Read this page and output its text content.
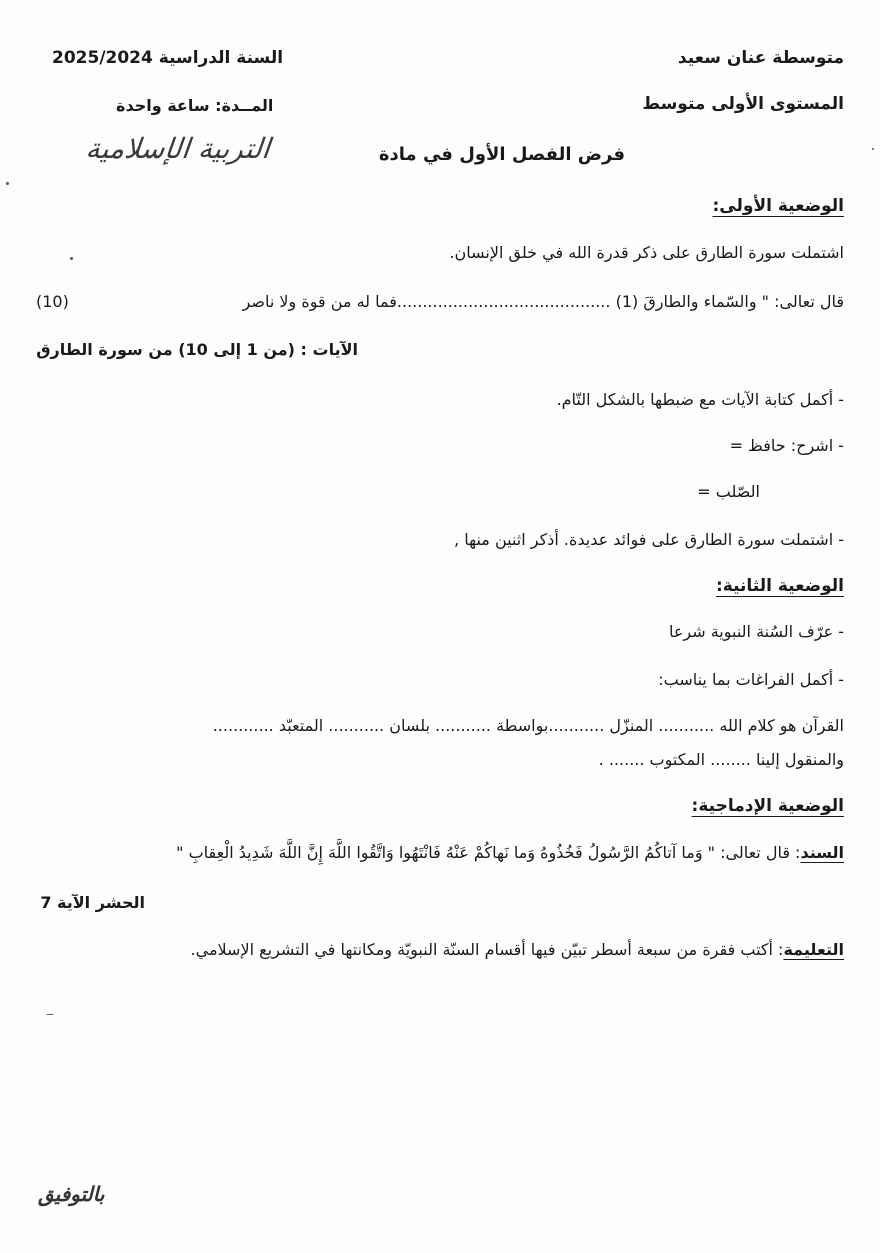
متوسطة عنان سعيد
المستوى الأولى متوسط
السنة الدراسية 2025/2024
المــدة: ساعة واحدة
فرض الفصل الأول في مادة
التربية الإسلامية
الوضعية الأولى:
اشتملت سورة الطارق على ذكر قدرة الله في خلق الإنسان.
قال تعالى: " والسّماء والطارقَ (1) ..........................................فما له من قوة ولا ناصر
(10)
الآيات : (من 1 إلى 10) من سورة الطارق
- أكمل كتابة الآيات مع ضبطها بالشكل التّام.
- اشرح: حافظ =
الصّلب =
- اشتملت سورة الطارق على فوائد عديدة. أذكر اثنين منها ,
الوضعية الثانية:
- عرّف السُنة النبوية شرعا
- أكمل الفراغات بما يناسب:
القرآن هو كلام الله ........... المنزّل ...........بواسطة ........... بلسان ........... المتعبّد ............
والمنقول إلينا ........ المكتوب ....... .
الوضعية الإدماجية:
السند: قال تعالى: " وَما آتاكُمُ الرَّسُولُ فَخُذُوهُ وَما نَهاكُمْ عَنْهُ فَانْتَهُوا وَاتَّقُوا اللَّهَ إِنَّ اللَّهَ شَدِيدُ الْعِقابِ "
الحشر الآية 7
التعليمة: أكتب فقرة من سبعة أسطر تبيّن فيها أقسام السنّة النبويّة ومكانتها في التشريع الإسلامي.
بالتوفيق
